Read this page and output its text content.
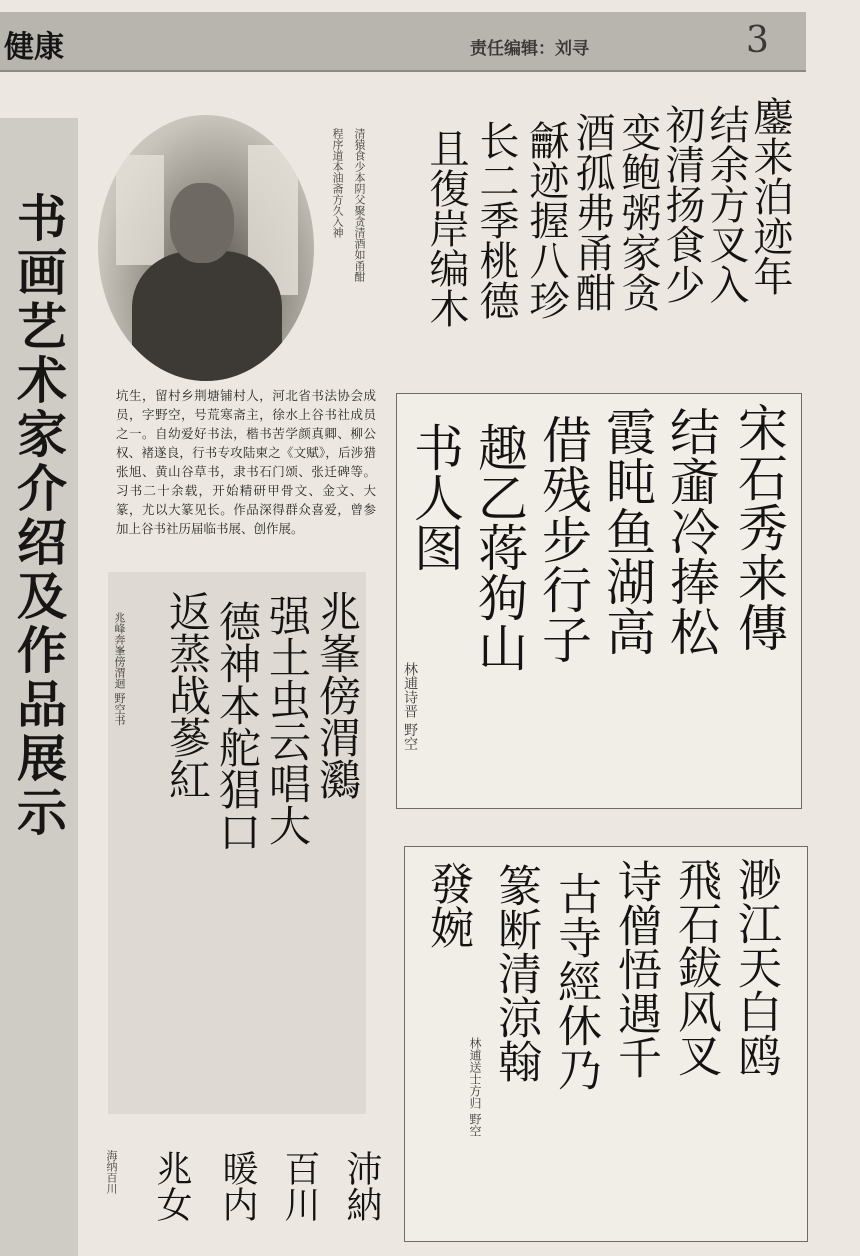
健康	责任编辑：刘寻	3
书画艺术家介绍及作品展示	坑生，留村乡荆塘铺村人，河北省书法协会成员，字野空，号荒寒斋主，徐水上谷书社成员之一。自幼爱好书法，楷书苦学颜真卿、柳公权、褚遂良，行书专攻陆柬之《文赋》，后涉猎张旭、黄山谷草书，隶书石门颂、张迁碑等。习书二十余载，开始精研甲骨文、金文、大篆，尤以大篆见长。作品深得群众喜爱，曾参加上谷书社历届临书展、创作展。
程序道本油斋方久入神 清猿食少本阴父聚贪清酒如甬酣 且復岸编木 长二季桃德 龢迹握八珍 酒孤弗甬酣 变鲍粥家贪
初清扬食少
结余方叉入
鏖来泊迹年
书人图 趣乙蒋狗山 借残步行子 霞盹鱼湖高 结齑冷捧松 宋石秀来傳
林逋诗晋 野空
兆峰奔峯傍渭迴 野空书 返蒸战蔘紅 德神本舵猖口 强土虫云唱大 兆峯傍渭鸂
發婉
林逋送士方归 野空
篆断清涼翰 古寺經休乃 诗僧悟遇千 飛石鈸风叉 渺江天白鸥
海纳百川 兆女 暖内 百川 沛納
